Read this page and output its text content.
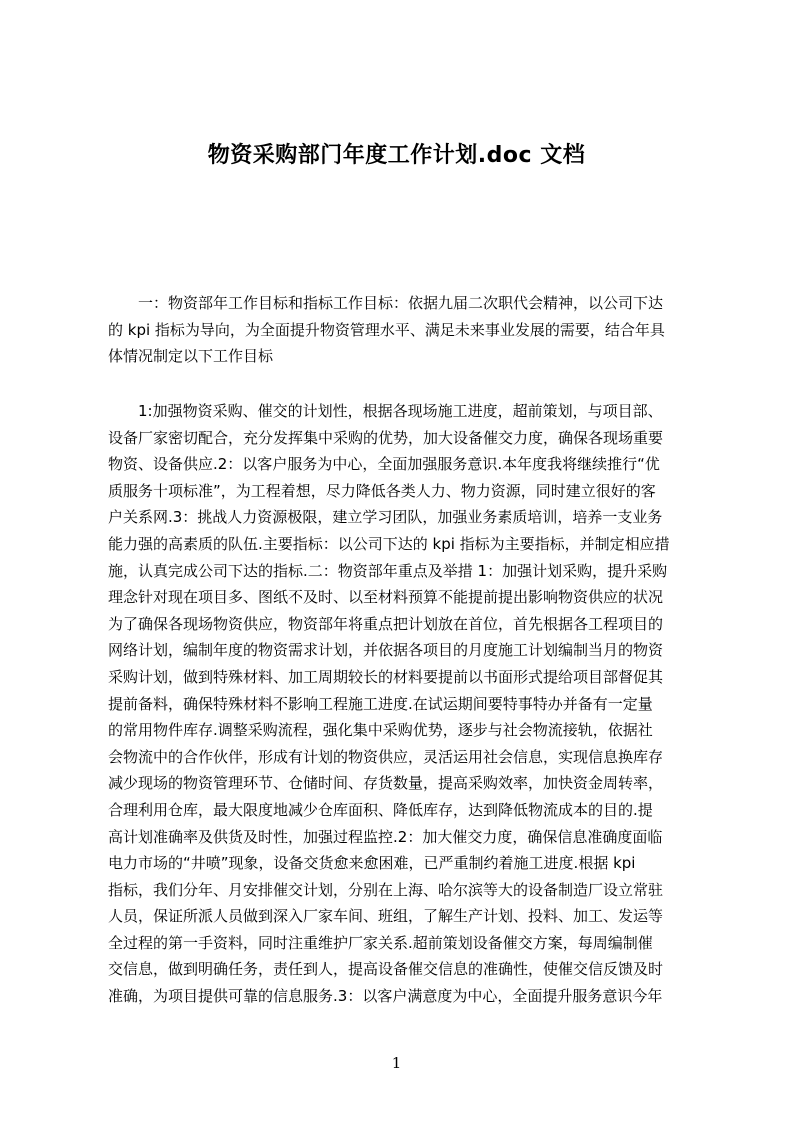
物资采购部门年度工作计划.doc 文档
　　一：物资部年工作目标和指标工作目标：依据九届二次职代会精神，以公司下达
的 kpi 指标为导向，为全面提升物资管理水平、满足未来事业发展的需要，结合年具
体情况制定以下工作目标
　　1:加强物资采购、催交的计划性，根据各现场施工进度，超前策划，与项目部、
设备厂家密切配合，充分发挥集中采购的优势，加大设备催交力度，确保各现场重要
物资、设备供应.2：以客户服务为中心，全面加强服务意识.本年度我将继续推行“优
质服务十项标准”，为工程着想，尽力降低各类人力、物力资源，同时建立很好的客
户关系网.3：挑战人力资源极限，建立学习团队，加强业务素质培训，培养一支业务
能力强的高素质的队伍.主要指标：以公司下达的 kpi 指标为主要指标，并制定相应措
施，认真完成公司下达的指标.二：物资部年重点及举措 1：加强计划采购，提升采购
理念针对现在项目多、图纸不及时、以至材料预算不能提前提出影响物资供应的状况
为了确保各现场物资供应，物资部年将重点把计划放在首位，首先根据各工程项目的
网络计划，编制年度的物资需求计划，并依据各项目的月度施工计划编制当月的物资
采购计划，做到特殊材料、加工周期较长的材料要提前以书面形式提给项目部督促其
提前备料，确保特殊材料不影响工程施工进度.在试运期间要特事特办并备有一定量
的常用物件库存.调整采购流程，强化集中采购优势，逐步与社会物流接轨，依据社
会物流中的合作伙伴，形成有计划的物资供应，灵活运用社会信息，实现信息换库存
减少现场的物资管理环节、仓储时间、存货数量，提高采购效率，加快资金周转率，
合理利用仓库，最大限度地减少仓库面积、降低库存，达到降低物流成本的目的.提
高计划准确率及供货及时性，加强过程监控.2：加大催交力度，确保信息准确度面临
电力市场的“井喷”现象，设备交货愈来愈困难，已严重制约着施工进度.根据 kpi
指标，我们分年、月安排催交计划，分别在上海、哈尔滨等大的设备制造厂设立常驻
人员，保证所派人员做到深入厂家车间、班组，了解生产计划、投料、加工、发运等
全过程的第一手资料，同时注重维护厂家关系.超前策划设备催交方案，每周编制催
交信息，做到明确任务，责任到人，提高设备催交信息的准确性，使催交信反馈及时
准确，为项目提供可靠的信息服务.3：以客户满意度为中心，全面提升服务意识今年
1
